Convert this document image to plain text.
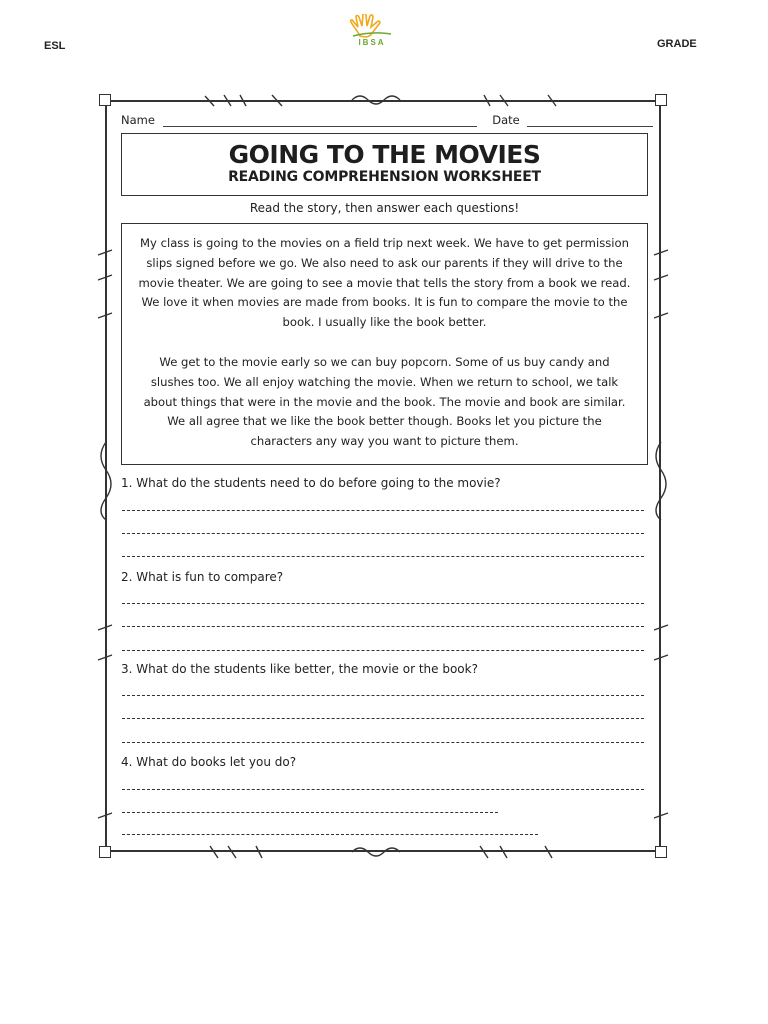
ESL	IBSA	GRADE
Name	Date
GOING TO THE MOVIES
READING COMPREHENSION WORKSHEET
Read the story, then answer each questions!

My class is going to the movies on a field trip next week. We have to get permission slips signed before we go. We also need to ask our parents if they will drive to the movie theater. We are going to see a movie that tells the story from a book we read. We love it when movies are made from books. It is fun to compare the movie to the book. I usually like the book better.

We get to the movie early so we can buy popcorn. Some of us buy candy and slushes too. We all enjoy watching the movie. When we return to school, we talk about things that were in the movie and the book. The movie and book are similar. We all agree that we like the book better though. Books let you picture the characters any way you want to picture them.

1. What do the students need to do before going to the movie?
2. What is fun to compare?
3. What do the students like better, the movie or the book?
4. What do books let you do?
